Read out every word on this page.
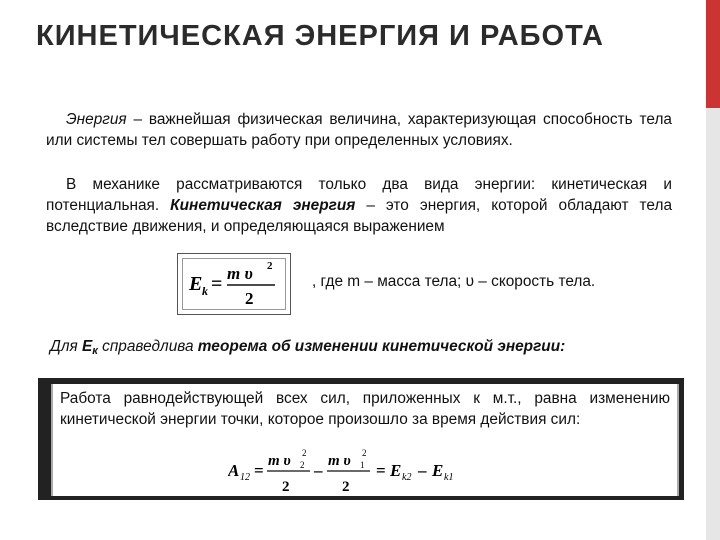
КИНЕТИЧЕСКАЯ ЭНЕРГИЯ И РАБОТА
Энергия – важнейшая физическая величина, характеризующая способность тела или системы тел совершать работу при определенных условиях.
В механике рассматриваются только два вида энергии: кинетическая и потенциальная. Кинетическая энергия – это энергия, которой обладают тела вследствие движения, и определяющаяся выражением
E k = m υ 2
2
, где m – масса тела; υ – скорость тела.
Для Eк справедлива теорема об изменении кинетической энергии:
Работа равнодействующей всех сил, приложенных к м.т., равна изменению кинетической энергии точки, которое произошло за время действия сил:
A 12 = m υ 2
2
2
– m υ 1
2
2
= E k2 – E k1
